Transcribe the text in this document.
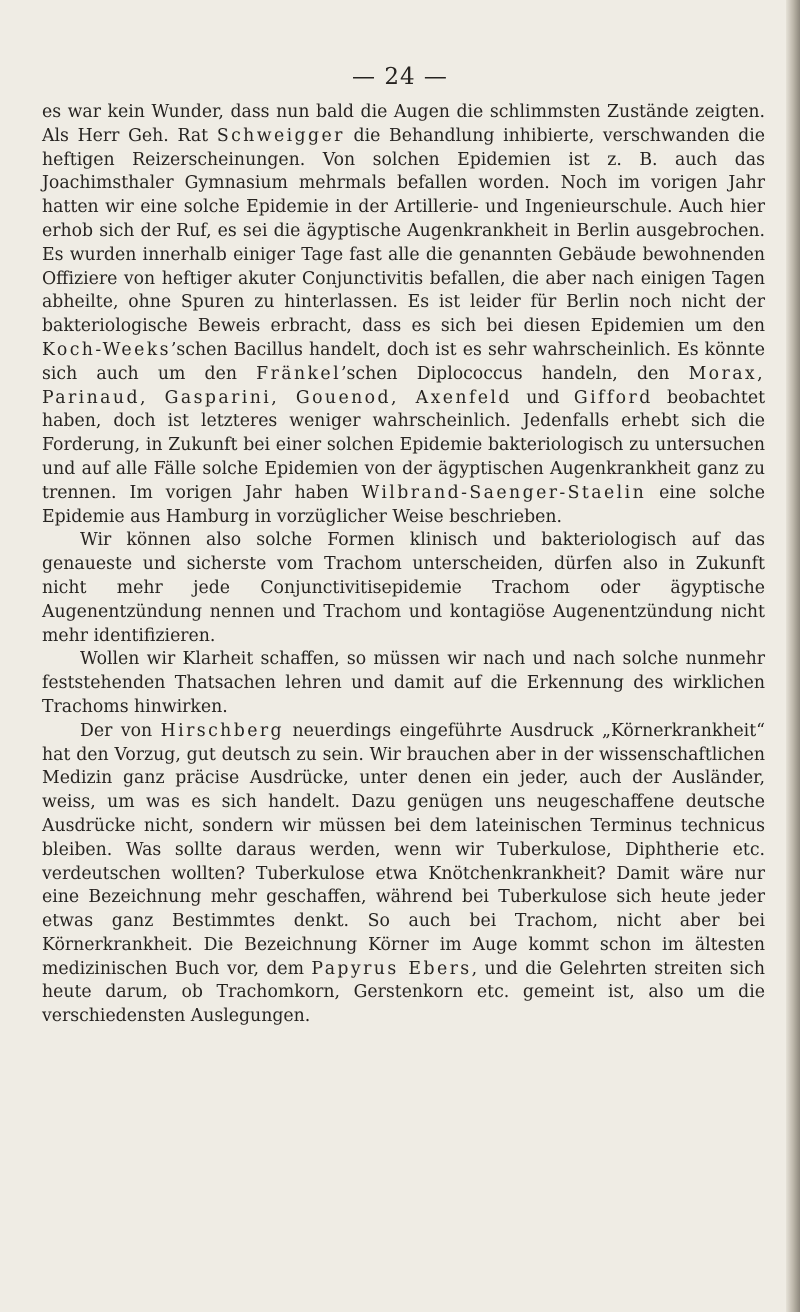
— 24 —

es war kein Wunder, dass nun bald die Augen die schlimmsten Zustände zeigten. Als Herr Geh. Rat Schweigger die Behandlung inhibierte, verschwanden die heftigen Reizerscheinungen. Von solchen Epidemien ist z. B. auch das Joachimsthaler Gymnasium mehrmals befallen worden. Noch im vorigen Jahr hatten wir eine solche Epidemie in der Artillerie- und Ingenieurschule. Auch hier erhob sich der Ruf, es sei die ägyptische Augenkrankheit in Berlin ausgebrochen. Es wurden innerhalb einiger Tage fast alle die genannten Gebäude bewohnenden Offiziere von heftiger akuter Conjunctivitis befallen, die aber nach einigen Tagen abheilte, ohne Spuren zu hinterlassen. Es ist leider für Berlin noch nicht der bakteriologische Beweis erbracht, dass es sich bei diesen Epidemien um den Koch-Weeks’schen Bacillus handelt, doch ist es sehr wahrscheinlich. Es könnte sich auch um den Fränkel’schen Diplococcus handeln, den Morax, Parinaud, Gasparini, Gouenod, Axenfeld und Gifford beobachtet haben, doch ist letzteres weniger wahrscheinlich. Jedenfalls erhebt sich die Forderung, in Zukunft bei einer solchen Epidemie bakteriologisch zu untersuchen und auf alle Fälle solche Epidemien von der ägyptischen Augenkrankheit ganz zu trennen. Im vorigen Jahr haben Wilbrand-Saenger-Staelin eine solche Epidemie aus Hamburg in vorzüglicher Weise beschrieben.

Wir können also solche Formen klinisch und bakteriologisch auf das genaueste und sicherste vom Trachom unterscheiden, dürfen also in Zukunft nicht mehr jede Conjunctivitisepidemie Trachom oder ägyptische Augenentzündung nennen und Trachom und kontagiöse Augenentzündung nicht mehr identifizieren.

Wollen wir Klarheit schaffen, so müssen wir nach und nach solche nunmehr feststehenden Thatsachen lehren und damit auf die Erkennung des wirklichen Trachoms hinwirken.

Der von Hirschberg neuerdings eingeführte Ausdruck „Körnerkrankheit“ hat den Vorzug, gut deutsch zu sein. Wir brauchen aber in der wissenschaftlichen Medizin ganz präcise Ausdrücke, unter denen ein jeder, auch der Ausländer, weiss, um was es sich handelt. Dazu genügen uns neugeschaffene deutsche Ausdrücke nicht, sondern wir müssen bei dem lateinischen Terminus technicus bleiben. Was sollte daraus werden, wenn wir Tuberkulose, Diphtherie etc. verdeutschen wollten? Tuberkulose etwa Knötchenkrankheit? Damit wäre nur eine Bezeichnung mehr geschaffen, während bei Tuberkulose sich heute jeder etwas ganz Bestimmtes denkt. So auch bei Trachom, nicht aber bei Körnerkrankheit. Die Bezeichnung Körner im Auge kommt schon im ältesten medizinischen Buch vor, dem Papyrus Ebers, und die Gelehrten streiten sich heute darum, ob Trachomkorn, Gerstenkorn etc. gemeint ist, also um die verschiedensten Auslegungen.
